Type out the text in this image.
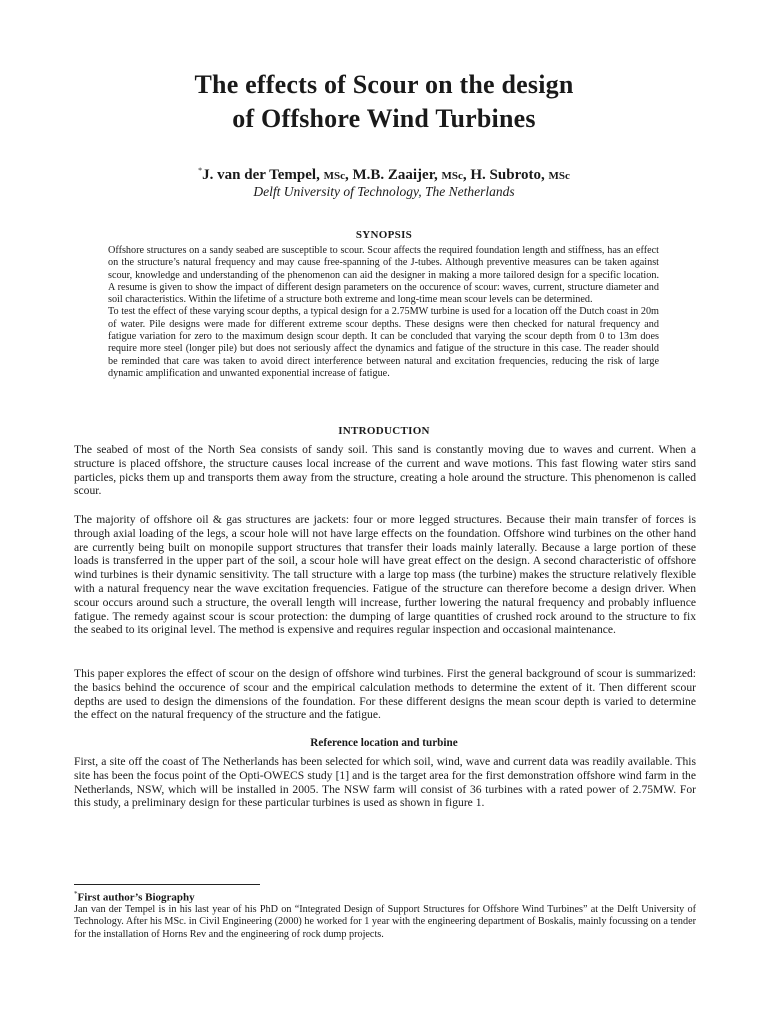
The effects of Scour on the design
of Offshore Wind Turbines
*J. van der Tempel, MSc, M.B. Zaaijer, MSc, H. Subroto, MSc
Delft University of Technology, The Netherlands
SYNOPSIS

Offshore structures on a sandy seabed are susceptible to scour. Scour affects the required foundation length and stiffness, has an effect on the structure’s natural frequency and may cause free-spanning of the J-tubes. Although preventive measures can be taken against scour, knowledge and understanding of the phenomenon can aid the designer in making a more tailored design for a specific location. A resume is given to show the impact of different design parameters on the occurence of scour: waves, current, structure diameter and soil characteristics. Within the lifetime of a structure both extreme and long-time mean scour levels can be determined.

To test the effect of these varying scour depths, a typical design for a 2.75MW turbine is used for a location off the Dutch coast in 20m of water. Pile designs were made for different extreme scour depths. These designs were then checked for natural frequency and fatigue variation for zero to the maximum design scour depth. It can be concluded that varying the scour depth from 0 to 13m does require more steel (longer pile) but does not seriously affect the dynamics and fatigue of the structure in this case. The reader should be reminded that care was taken to avoid direct interference between natural and excitation frequencies, reducing the risk of large dynamic amplification and unwanted exponential increase of fatigue.

INTRODUCTION

The seabed of most of the North Sea consists of sandy soil. This sand is constantly moving due to waves and current. When a structure is placed offshore, the structure causes local increase of the current and wave motions. This fast flowing water stirs sand particles, picks them up and transports them away from the structure, creating a hole around the structure. This phenomenon is called scour.

The majority of offshore oil & gas structures are jackets: four or more legged structures. Because their main transfer of forces is through axial loading of the legs, a scour hole will not have large effects on the foundation. Offshore wind turbines on the other hand are currently being built on monopile support structures that transfer their loads mainly laterally. Because a large portion of these loads is transferred in the upper part of the soil, a scour hole will have great effect on the design. A second characteristic of offshore wind turbines is their dynamic sensitivity. The tall structure with a large top mass (the turbine) makes the structure relatively flexible with a natural frequency near the wave excitation frequencies. Fatigue of the structure can therefore become a design driver. When scour occurs around such a structure, the overall length will increase, further lowering the natural frequency and probably influence fatigue. The remedy against scour is scour protection: the dumping of large quantities of crushed rock around to the structure to fix the seabed to its original level. The method is expensive and requires regular inspection and occasional maintenance.

This paper explores the effect of scour on the design of offshore wind turbines. First the general background of scour is summarized: the basics behind the occurence of scour and the empirical calculation methods to determine the extent of it. Then different scour depths are used to design the dimensions of the foundation. For these different designs the mean scour depth is varied to determine the effect on the natural frequency of the structure and the fatigue.

Reference location and turbine

First, a site off the coast of The Netherlands has been selected for which soil, wind, wave and current data was readily available. This site has been the focus point of the Opti-OWECS study [1] and is the target area for the first demonstration offshore wind farm in the Netherlands, NSW, which will be installed in 2005. The NSW farm will consist of 36 turbines with a rated power of 2.75MW. For this study, a preliminary design for these particular turbines is used as shown in figure 1.

*First author’s Biography
Jan van der Tempel is in his last year of his PhD on “Integrated Design of Support Structures for Offshore Wind Turbines” at the Delft University of Technology. After his MSc. in Civil Engineering (2000) he worked for 1 year with the engineering department of Boskalis, mainly focussing on a tender for the installation of Horns Rev and the engineering of rock dump projects.
